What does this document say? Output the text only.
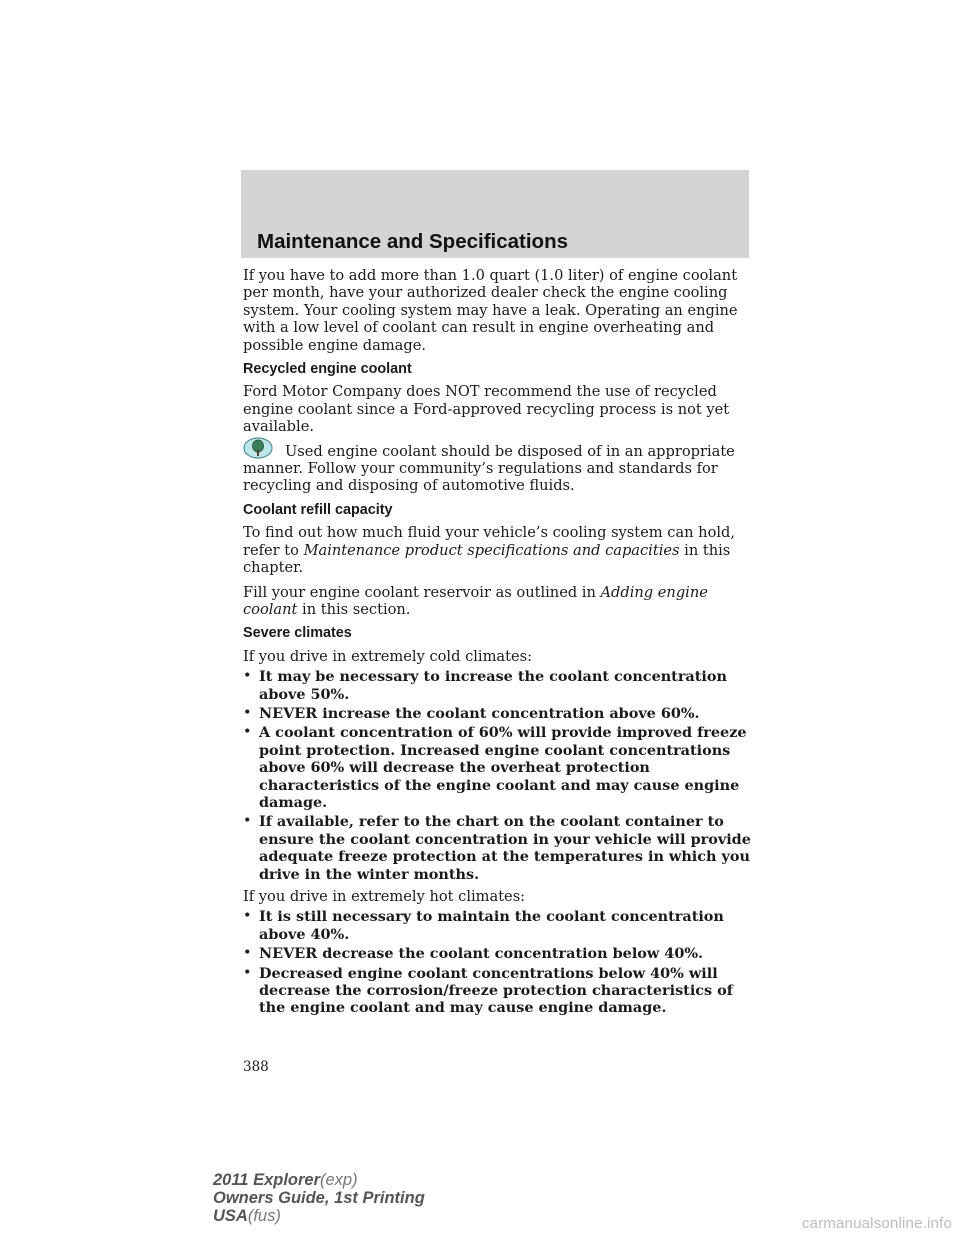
Maintenance and Specifications

If you have to add more than 1.0 quart (1.0 liter) of engine coolant per month, have your authorized dealer check the engine cooling system. Your cooling system may have a leak. Operating an engine with a low level of coolant can result in engine overheating and possible engine damage.

Recycled engine coolant

Ford Motor Company does NOT recommend the use of recycled engine coolant since a Ford-approved recycling process is not yet available.

Used engine coolant should be disposed of in an appropriate manner. Follow your community’s regulations and standards for recycling and disposing of automotive fluids.

Coolant refill capacity

To find out how much fluid your vehicle’s cooling system can hold, refer to Maintenance product specifications and capacities in this chapter.

Fill your engine coolant reservoir as outlined in Adding engine coolant in this section.

Severe climates

If you drive in extremely cold climates:

• It may be necessary to increase the coolant concentration above 50%.
• NEVER increase the coolant concentration above 60%.
• A coolant concentration of 60% will provide improved freeze point protection. Increased engine coolant concentrations above 60% will decrease the overheat protection characteristics of the engine coolant and may cause engine damage.
• If available, refer to the chart on the coolant container to ensure the coolant concentration in your vehicle will provide adequate freeze protection at the temperatures in which you drive in the winter months.

If you drive in extremely hot climates:

• It is still necessary to maintain the coolant concentration above 40%.
• NEVER decrease the coolant concentration below 40%.
• Decreased engine coolant concentrations below 40% will decrease the corrosion/freeze protection characteristics of the engine coolant and may cause engine damage.
388
2011 Explorer(exp)
Owners Guide, 1st Printing
USA(fus)	carmanualsonline.info
